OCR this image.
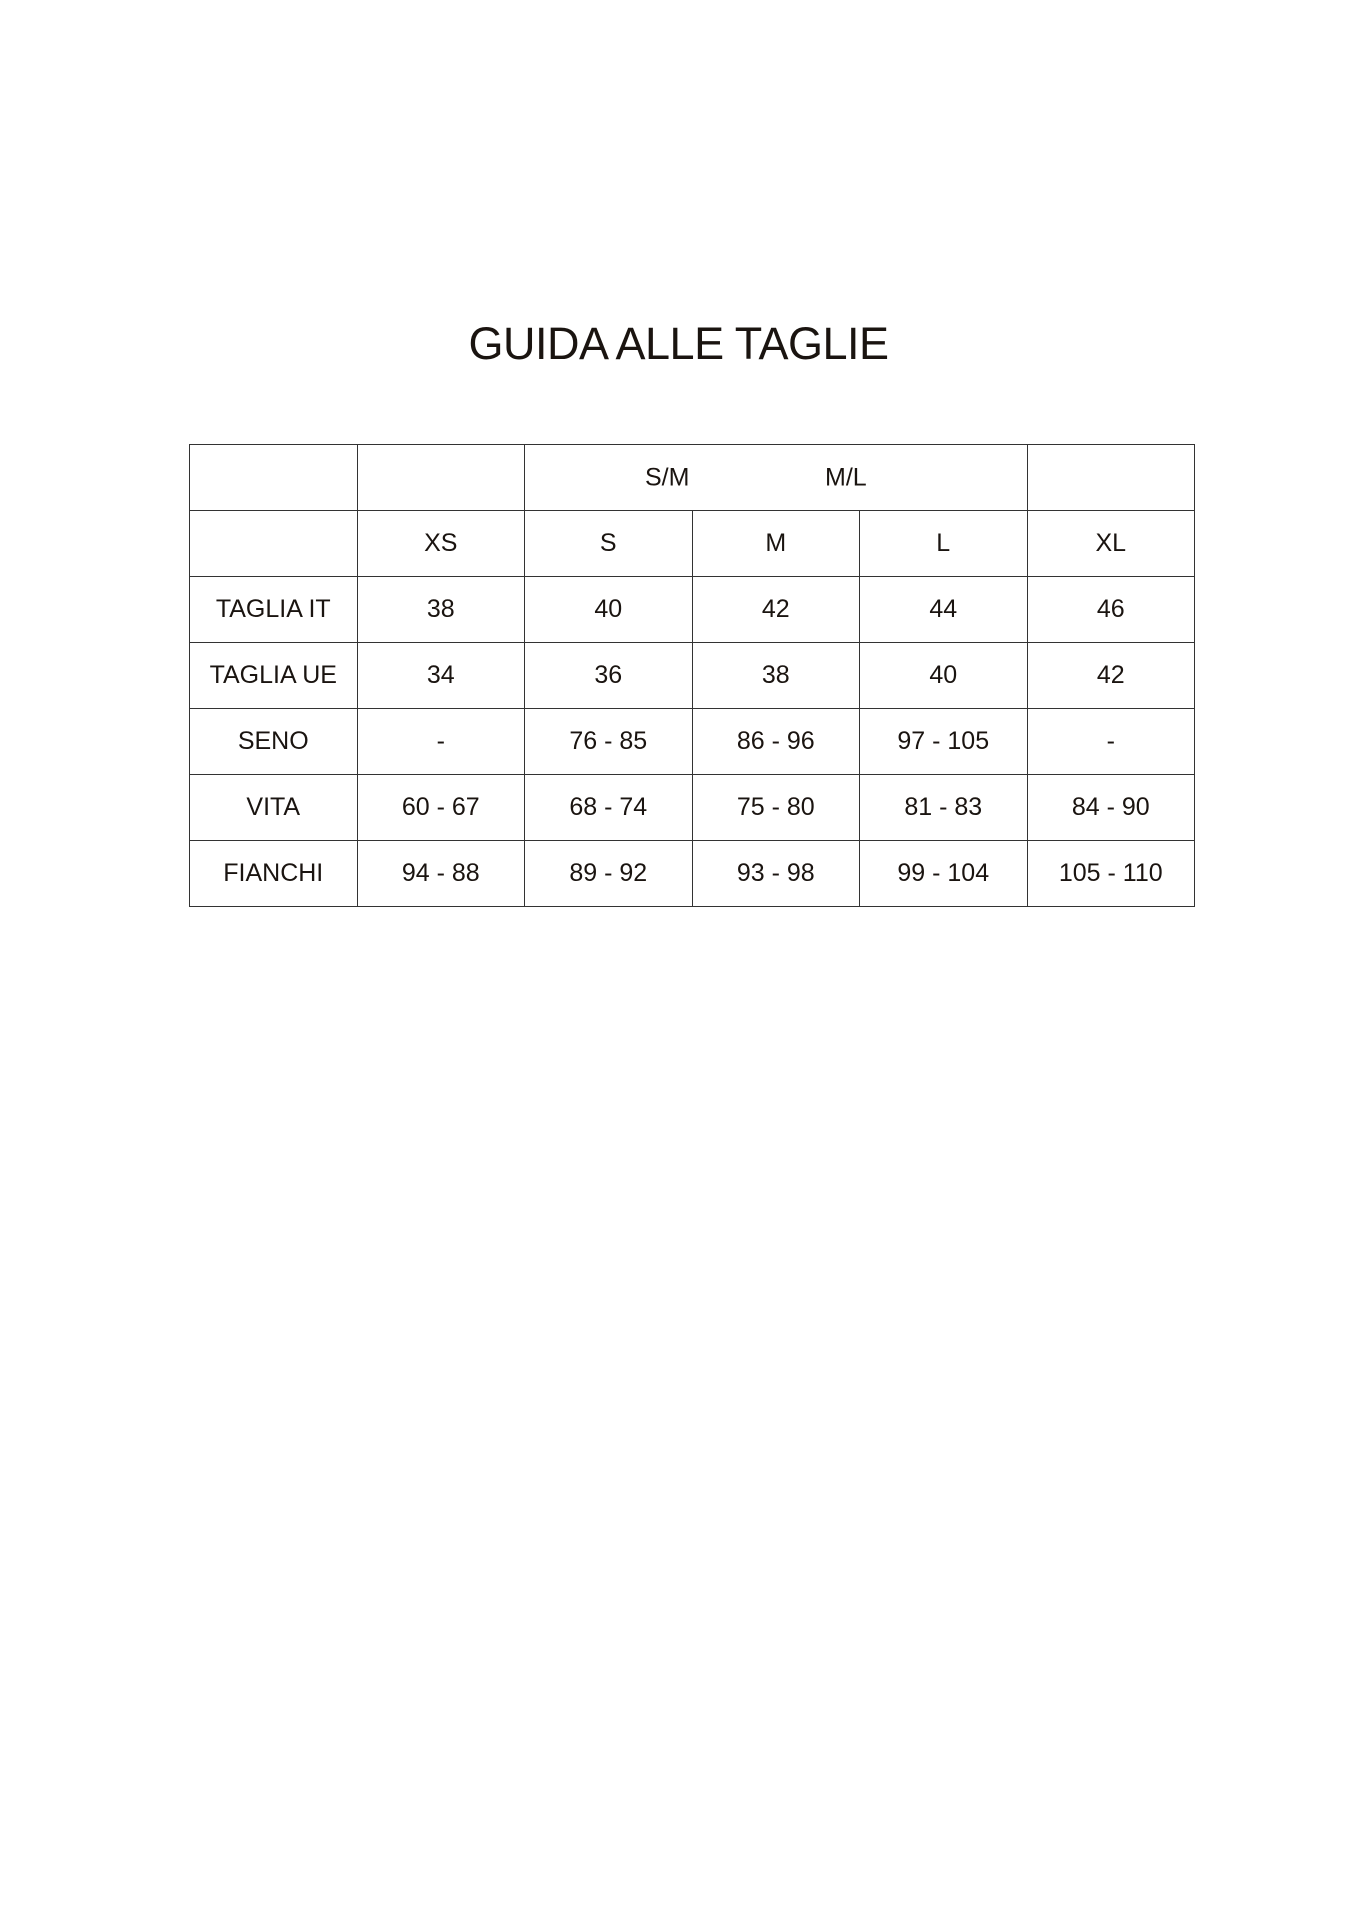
GUIDA ALLE TAGLIE

		S/M M/L			

	XS	S	M	L	XL
TAGLIA IT	38	40	42	44	46
TAGLIA UE	34	36	38	40	42
SENO	-	76 - 85	86 - 96	97 - 105	-
VITA	60 - 67	68 - 74	75 - 80	81 - 83	84 - 90
FIANCHI	94 - 88	89 - 92	93 - 98	99 - 104	105 - 110
